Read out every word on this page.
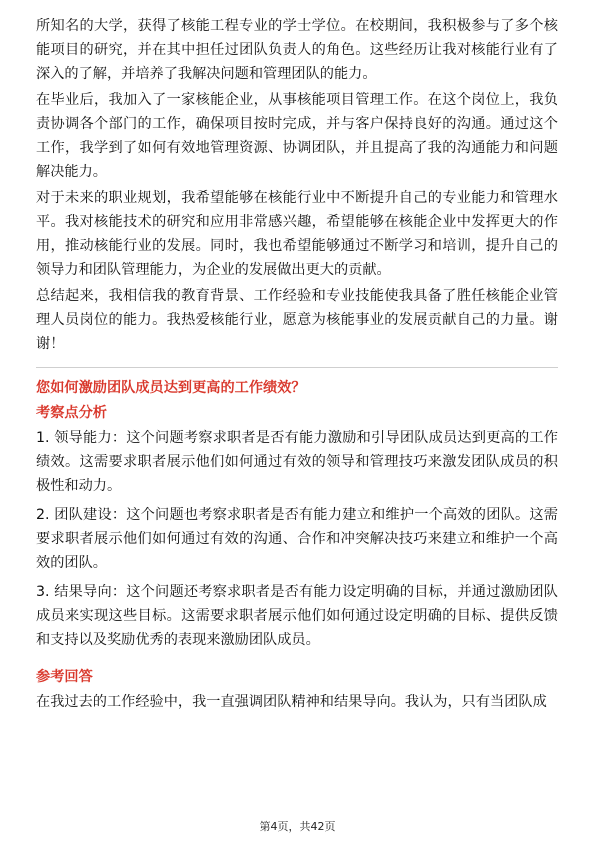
所知名的大学，获得了核能工程专业的学士学位。在校期间，我积极参与了多个核能项目的研究，并在其中担任过团队负责人的角色。这些经历让我对核能行业有了深入的了解，并培养了我解决问题和管理团队的能力。

在毕业后，我加入了一家核能企业，从事核能项目管理工作。在这个岗位上，我负责协调各个部门的工作，确保项目按时完成，并与客户保持良好的沟通。通过这个工作，我学到了如何有效地管理资源、协调团队，并且提高了我的沟通能力和问题解决能力。

对于未来的职业规划，我希望能够在核能行业中不断提升自己的专业能力和管理水平。我对核能技术的研究和应用非常感兴趣，希望能够在核能企业中发挥更大的作用，推动核能行业的发展。同时，我也希望能够通过不断学习和培训，提升自己的领导力和团队管理能力，为企业的发展做出更大的贡献。

总结起来，我相信我的教育背景、工作经验和专业技能使我具备了胜任核能企业管理人员岗位的能力。我热爱核能行业，愿意为核能事业的发展贡献自己的力量。谢谢！

您如何激励团队成员达到更高的工作绩效？
考察点分析

1. 领导能力：这个问题考察求职者是否有能力激励和引导团队成员达到更高的工作绩效。这需要求职者展示他们如何通过有效的领导和管理技巧来激发团队成员的积极性和动力。

2. 团队建设：这个问题也考察求职者是否有能力建立和维护一个高效的团队。这需要求职者展示他们如何通过有效的沟通、合作和冲突解决技巧来建立和维护一个高效的团队。

3. 结果导向：这个问题还考察求职者是否有能力设定明确的目标，并通过激励团队成员来实现这些目标。这需要求职者展示他们如何通过设定明确的目标、提供反馈和支持以及奖励优秀的表现来激励团队成员。

参考回答

在我过去的工作经验中，我一直强调团队精神和结果导向。我认为，只有当团队成

第4页，共42页
